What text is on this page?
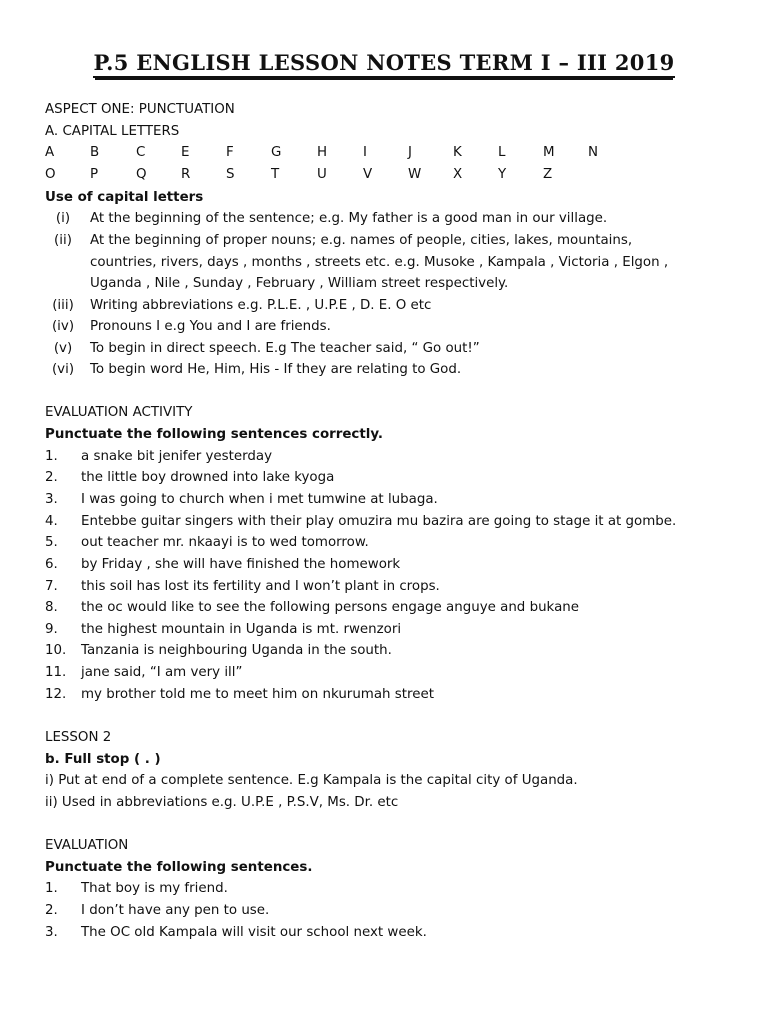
P.5 ENGLISH LESSON NOTES TERM I – III 2019
ASPECT ONE: PUNCTUATION
A. CAPITAL LETTERS
A	B	C	E	F	G	H	I	J	K	L	M N
O	P	Q	R	S	T	U	V	W X	Y	Z
Use of capital letters
(i)	At the beginning of the sentence; e.g. My father is a good man in our village.
(ii)	At the beginning of proper nouns; e.g. names of people, cities, lakes, mountains,
countries, rivers, days , months , streets etc. e.g. Musoke , Kampala , Victoria , Elgon ,
Uganda , Nile , Sunday , February , William street respectively.
(iii)	Writing abbreviations e.g. P.L.E. , U.P.E , D. E. O etc
(iv)	Pronouns I e.g You and I are friends.
(v)	To begin in direct speech. E.g The teacher said, “ Go out!”
(vi)	To begin word He, Him, His - If they are relating to God.
EVALUATION ACTIVITY
Punctuate the following sentences correctly.
1. a snake bit jenifer yesterday
2. the little boy drowned into lake kyoga
3. I was going to church when i met tumwine at lubaga.
4. Entebbe guitar singers with their play omuzira mu bazira are going to stage it at gombe.
5. out teacher mr. nkaayi is to wed tomorrow.
6. by Friday , she will have finished the homework
7. this soil has lost its fertility and I won’t plant in crops.
8. the oc would like to see the following persons engage anguye and bukane
9. the highest mountain in Uganda is mt. rwenzori
10. Tanzania is neighbouring Uganda in the south.
11. jane said, “I am very ill”
12. my brother told me to meet him on nkurumah street
LESSON 2
b. Full stop ( . )
i) Put at end of a complete sentence. E.g Kampala is the capital city of Uganda.
ii) Used in abbreviations e.g. U.P.E , P.S.V, Ms. Dr. etc
EVALUATION
Punctuate the following sentences.
1. That boy is my friend.
2. I don’t have any pen to use.
3. The OC old Kampala will visit our school next week.
